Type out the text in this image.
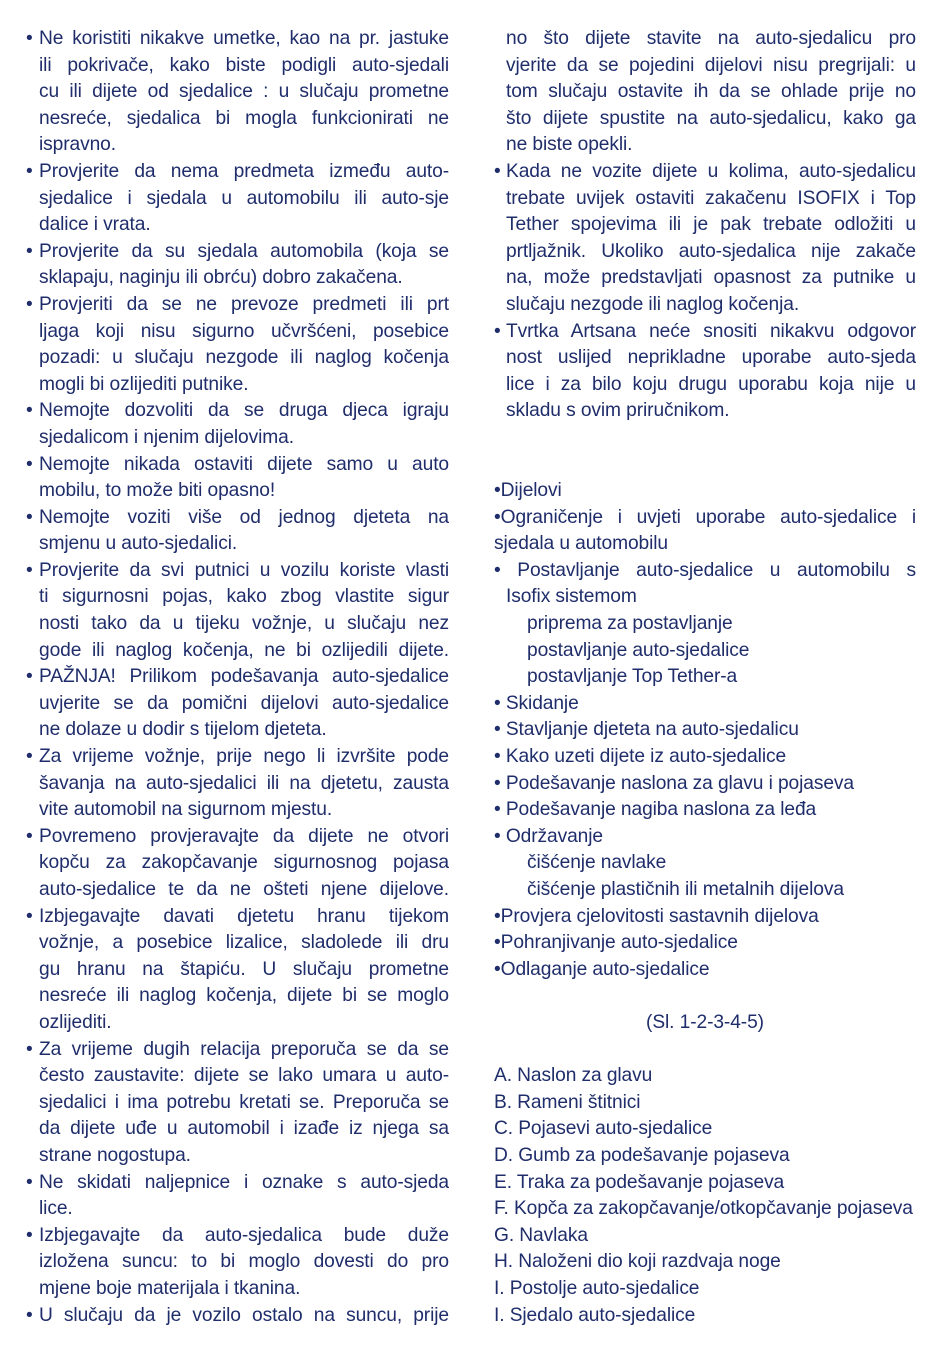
• Ne koristiti nikakve umetke, kao na pr. jastuke
ili pokrivače, kako biste podigli auto-sjedali
cu ili dijete od sjedalice : u slučaju prometne
nesreće, sjedalica bi mogla funkcionirati ne
ispravno.
• Provjerite da nema predmeta između auto-
sjedalice i sjedala u automobilu ili auto-sje
dalice i vrata.
• Provjerite da su sjedala automobila (koja se
sklapaju, naginju ili obrću) dobro zakačena.
• Provjeriti da se ne prevoze predmeti ili prt
ljaga koji nisu sigurno učvršćeni, posebice
pozadi: u slučaju nezgode ili naglog kočenja
mogli bi ozlijediti putnike.
• Nemojte dozvoliti da se druga djeca igraju
sjedalicom i njenim dijelovima.
• Nemojte nikada ostaviti dijete samo u auto
mobilu, to može biti opasno!
• Nemojte voziti više od jednog djeteta na
smjenu u auto-sjedalici.
• Provjerite da svi putnici u vozilu koriste vlasti
ti sigurnosni pojas, kako zbog vlastite sigur
nosti tako da u tijeku vožnje, u slučaju nez
gode ili naglog kočenja, ne bi ozlijedili dijete.
• PAŽNJA! Prilikom podešavanja auto-sjedalice
uvjerite se da pomični dijelovi auto-sjedalice
ne dolaze u dodir s tijelom djeteta.
• Za vrijeme vožnje, prije nego li izvršite pode
šavanja na auto-sjedalici ili na djetetu, zausta
vite automobil na sigurnom mjestu.
• Povremeno provjeravajte da dijete ne otvori
kopču za zakopčavanje sigurnosnog pojasa
auto-sjedalice te da ne ošteti njene dijelove.
• Izbjegavajte davati djetetu hranu tijekom
vožnje, a posebice lizalice, sladolede ili dru
gu hranu na štapiću. U slučaju prometne
nesreće ili naglog kočenja, dijete bi se moglo
ozlijediti.
• Za vrijeme dugih relacija preporuča se da se
često zaustavite: dijete se lako umara u auto-
sjedalici i ima potrebu kretati se. Preporuča se
da dijete uđe u automobil i izađe iz njega sa
strane nogostupa.
• Ne skidati naljepnice i oznake s auto-sjeda
lice.
• Izbjegavajte da auto-sjedalica bude duže
izložena suncu: to bi moglo dovesti do pro
mjene boje materijala i tkanina.
• U slučaju da je vozilo ostalo na suncu, prije
no što dijete stavite na auto-sjedalicu pro
vjerite da se pojedini dijelovi nisu pregrijali: u
tom slučaju ostavite ih da se ohlade prije no
što dijete spustite na auto-sjedalicu, kako ga
ne biste opekli.
• Kada ne vozite dijete u kolima, auto-sjedalicu
trebate uvijek ostaviti zakačenu ISOFIX i Top
Tether spojevima ili je pak trebate odložiti u
prtljažnik. Ukoliko auto-sjedalica nije zakače
na, može predstavljati opasnost za putnike u
slučaju nezgode ili naglog kočenja.
• Tvrtka Artsana neće snositi nikakvu odgovor
nost uslijed neprikladne uporabe auto-sjeda
lice i za bilo koju drugu uporabu koja nije u
skladu s ovim priručnikom.
•Dijelovi
•Ograničenje i uvjeti uporabe auto-sjedalice i
sjedala u automobilu
• Postavljanje auto-sjedalice u automobilu s
Isofix sistemom
priprema za postavljanje
postavljanje auto-sjedalice
postavljanje Top Tether-a
• Skidanje
• Stavljanje djeteta na auto-sjedalicu
• Kako uzeti dijete iz auto-sjedalice
• Podešavanje naslona za glavu i pojaseva
• Podešavanje nagiba naslona za leđa
• Održavanje
čišćenje navlake
čišćenje plastičnih ili metalnih dijelova
•Provjera cjelovitosti sastavnih dijelova
•Pohranjivanje auto-sjedalice
•Odlaganje auto-sjedalice
(Sl. 1-2-3-4-5)
A. Naslon za glavu
B. Rameni štitnici
C. Pojasevi auto-sjedalice
D. Gumb za podešavanje pojaseva
E. Traka za podešavanje pojaseva
F. Kopča za zakopčavanje/otkopčavanje pojaseva
G. Navlaka
H. Naloženi dio koji razdvaja noge
I. Postolje auto-sjedalice
I. Sjedalo auto-sjedalice
